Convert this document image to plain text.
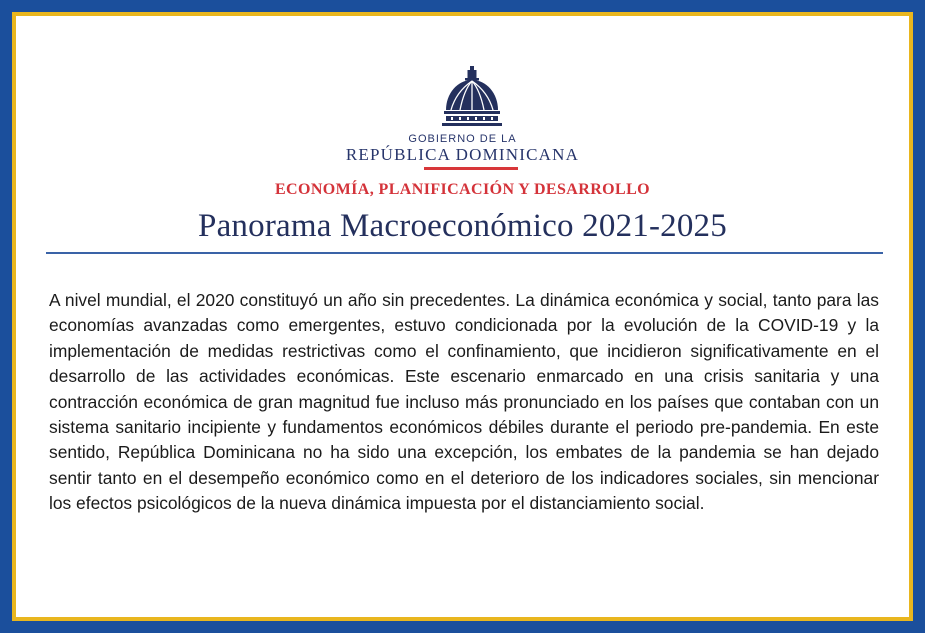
GOBIERNO DE LA
REPÚBLICA DOMINICANA
ECONOMÍA, PLANIFICACIÓN Y DESARROLLO
Panorama Macroeconómico 2021-2025

A nivel mundial, el 2020 constituyó un año sin precedentes. La dinámica económica y social, tanto para las economías avanzadas como emergentes, estuvo condicionada por la evolución de la COVID-19 y la implementación de medidas restrictivas como el confinamiento, que incidieron significativamente en el desarrollo de las actividades económicas. Este escenario enmarcado en una crisis sanitaria y una contracción económica de gran magnitud fue incluso más pronunciado en los países que contaban con un sistema sanitario incipiente y fundamentos económicos débiles durante el periodo pre-pandemia. En este sentido, República Dominicana no ha sido una excepción, los embates de la pandemia se han dejado sentir tanto en el desempeño económico como en el deterioro de los indicadores sociales, sin mencionar los efectos psicológicos de la nueva dinámica impuesta por el distanciamiento social.
